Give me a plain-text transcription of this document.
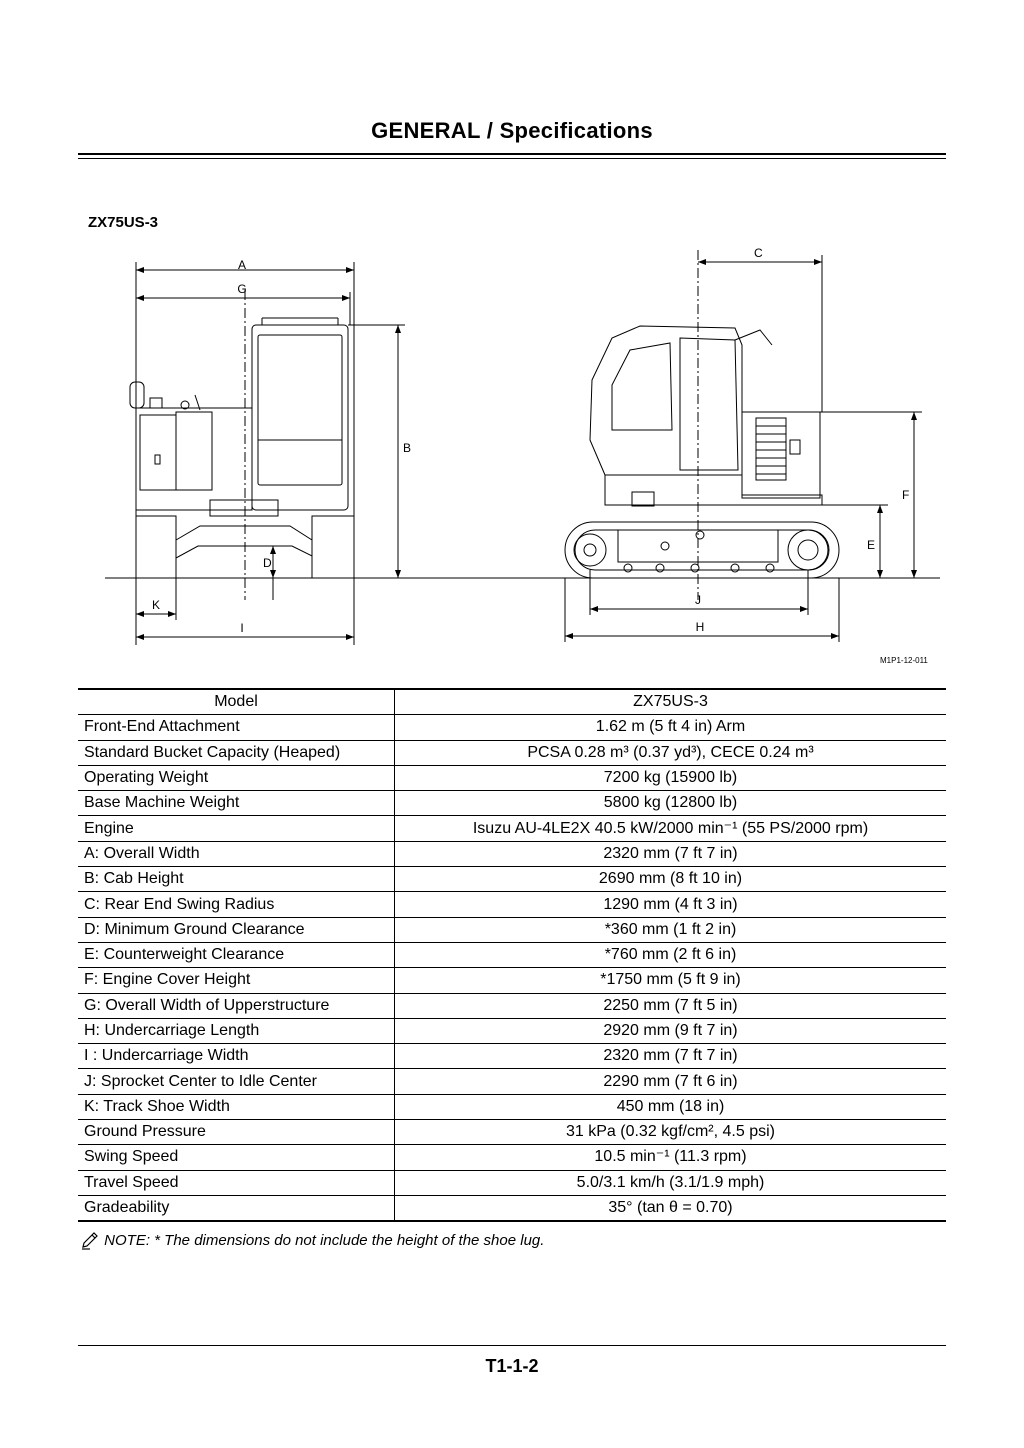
GENERAL / Specifications
ZX75US-3
A
G
B
D
K
I
C
F
E
J
H
M1P1-12-011
Model	ZX75US-3
Front-End Attachment	1.62 m (5 ft 4 in) Arm
Standard Bucket Capacity (Heaped)	PCSA 0.28 m³ (0.37 yd³), CECE 0.24 m³
Operating Weight	7200 kg (15900 lb)
Base Machine Weight	5800 kg (12800 lb)
Engine	Isuzu AU-4LE2X 40.5 kW/2000 min⁻¹ (55 PS/2000 rpm)
A: Overall Width	2320 mm (7 ft 7 in)
B: Cab Height	2690 mm (8 ft 10 in)
C: Rear End Swing Radius	1290 mm (4 ft 3 in)
D: Minimum Ground Clearance	*360 mm (1 ft 2 in)
E: Counterweight Clearance	*760 mm (2 ft 6 in)
F: Engine Cover Height	*1750 mm (5 ft 9 in)
G: Overall Width of Upperstructure	2250 mm (7 ft 5 in)
H: Undercarriage Length	2920 mm (9 ft 7 in)
I : Undercarriage Width	2320 mm (7 ft 7 in)
J: Sprocket Center to Idle Center	2290 mm (7 ft 6 in)
K: Track Shoe Width	450 mm (18 in)
Ground Pressure	31 kPa (0.32 kgf/cm², 4.5 psi)
Swing Speed	10.5 min⁻¹ (11.3 rpm)
Travel Speed	5.0/3.1 km/h (3.1/1.9 mph)
Gradeability	35° (tan θ = 0.70)
NOTE: * The dimensions do not include the height of the shoe lug.
T1-1-2
